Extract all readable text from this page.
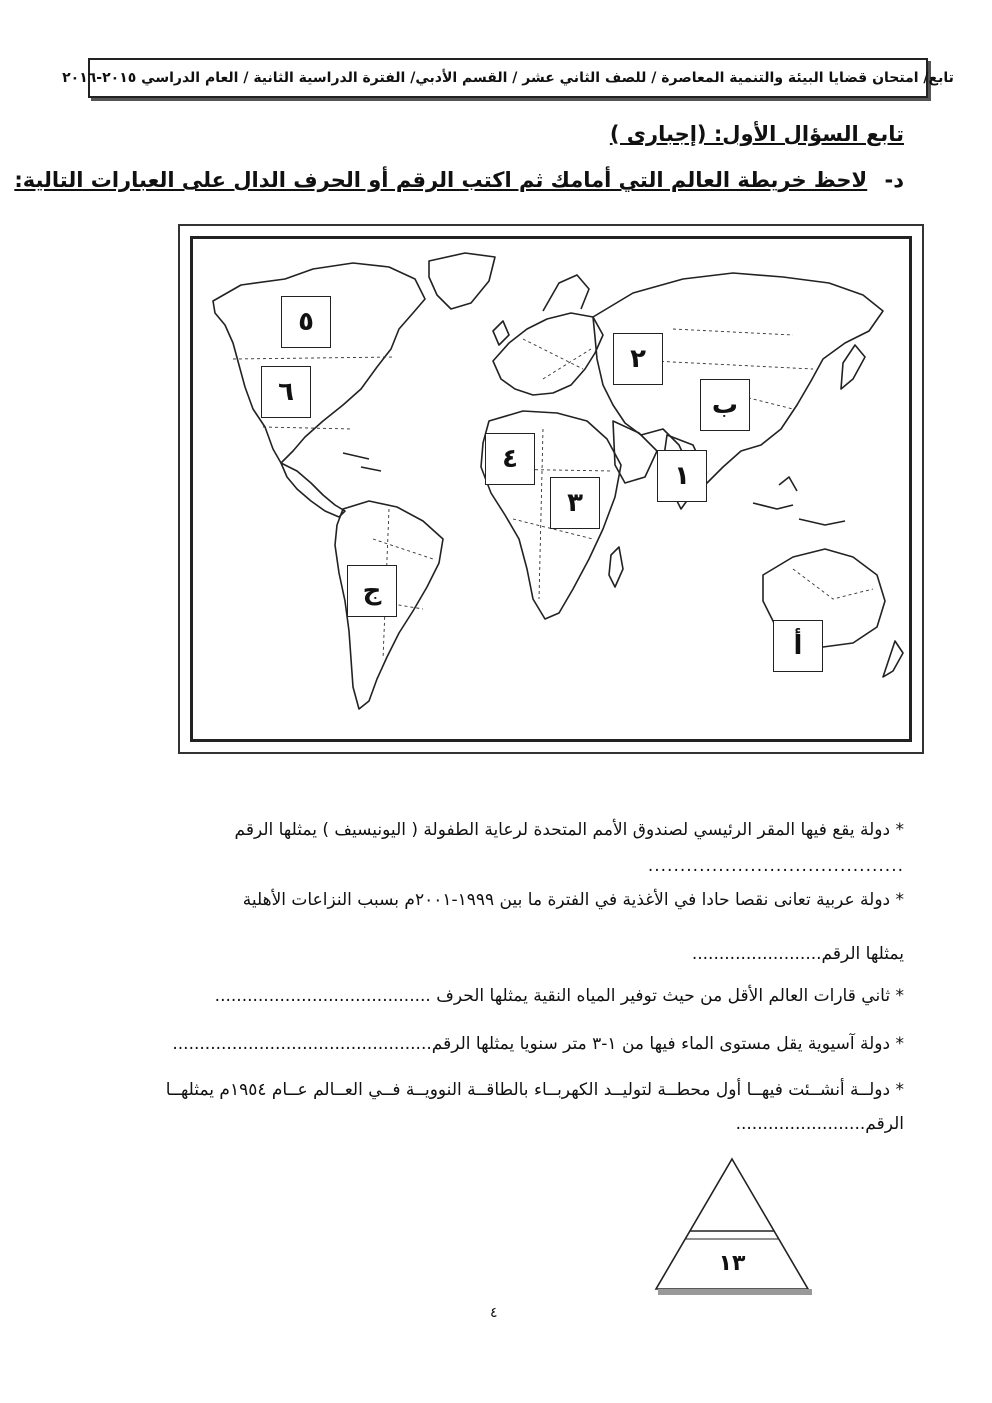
تابع/ امتحان قضايا البيئة والتنمية المعاصرة / للصف الثاني عشر / القسم الأدبي/ الفترة الدراسية الثانية / العام الدراسي ٢٠١٥-٢٠١٦
تابع السؤال الأول: (إجبارى )
د- لاحظ خريطة العالم التي أمامك ثم اكتب الرقم أو الحرف الدال على العبارات التالية:
٥
٦
٢
ب
٤
٣
١
ج
أ
* دولة يقع فيها المقر الرئيسي لصندوق الأمم المتحدة لرعاية الطفولة ( اليونيسيف ) يمثلها الرقم
........................................
* دولة عربية تعانى نقصا حادا في الأغذية في الفترة ما بين ١٩٩٩-٢٠٠١م بسبب النزاعات الأهلية
يمثلها الرقم........................
* ثاني قارات العالم الأقل من حيث توفير المياه النقية يمثلها الحرف ........................................
* دولة آسيوية يقل مستوى الماء فيها من ١-٣ متر سنويا يمثلها الرقم................................................
* دولــة أنشــئت فيهــا أول محطــة لتوليــد الكهربــاء بالطاقــة النوويــة فــي العــالم عــام ١٩٥٤م يمثلهــا
الرقم........................
١٣
٤
